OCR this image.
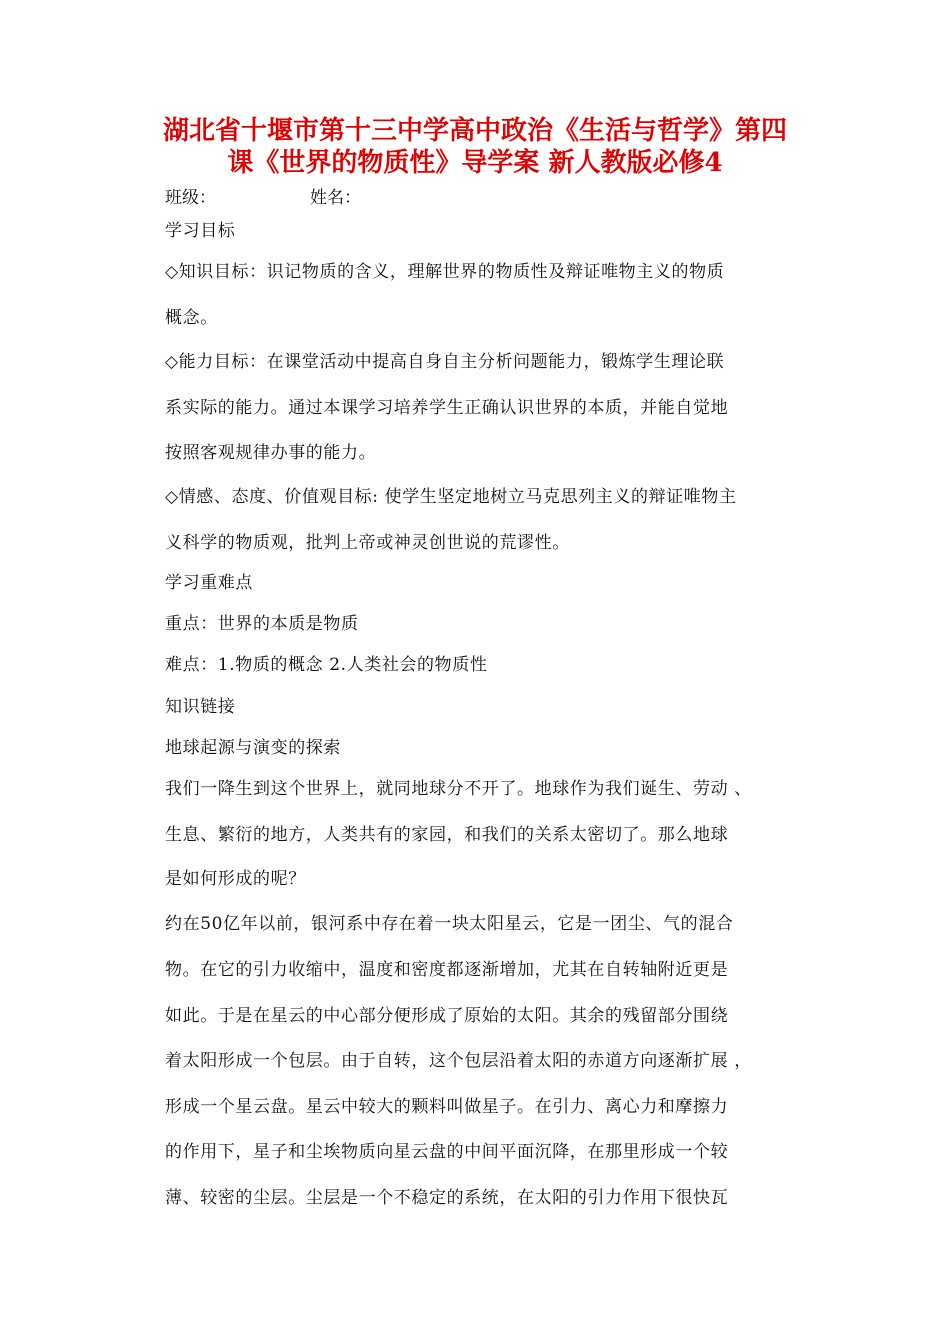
湖北省十堰市第十三中学高中政治《生活与哲学》第四
课《世界的物质性》导学案 新人教版必修4
班级：	姓名：
学习目标
◇知识目标：识记物质的含义，理解世界的物质性及辩证唯物主义的物质
概念。
◇能力目标：在课堂活动中提高自身自主分析问题能力，锻炼学生理论联
系实际的能力。通过本课学习培养学生正确认识世界的本质，并能自觉地
按照客观规律办事的能力。
◇情感、态度、价值观目标: 使学生坚定地树立马克思列主义的辩证唯物主
义科学的物质观，批判上帝或神灵创世说的荒谬性。
学习重难点
重点：世界的本质是物质
难点：1.物质的概念 2.人类社会的物质性
知识链接
地球起源与演变的探索
我们一降生到这个世界上，就同地球分不开了。地球作为我们诞生、劳动 、
生息、繁衍的地方，人类共有的家园，和我们的关系太密切了。那么地球
是如何形成的呢？
约在50亿年以前，银河系中存在着一块太阳星云，它是一团尘、气的混合
物。在它的引力收缩中，温度和密度都逐渐增加，尤其在自转轴附近更是
如此。于是在星云的中心部分便形成了原始的太阳。其余的残留部分围绕
着太阳形成一个包层。由于自转，这个包层沿着太阳的赤道方向逐渐扩展 ，
形成一个星云盘。星云中较大的颗料叫做星子。在引力、离心力和摩擦力
的作用下，星子和尘埃物质向星云盘的中间平面沉降，在那里形成一个较
薄、较密的尘层。尘层是一个不稳定的系统，在太阳的引力作用下很快瓦
